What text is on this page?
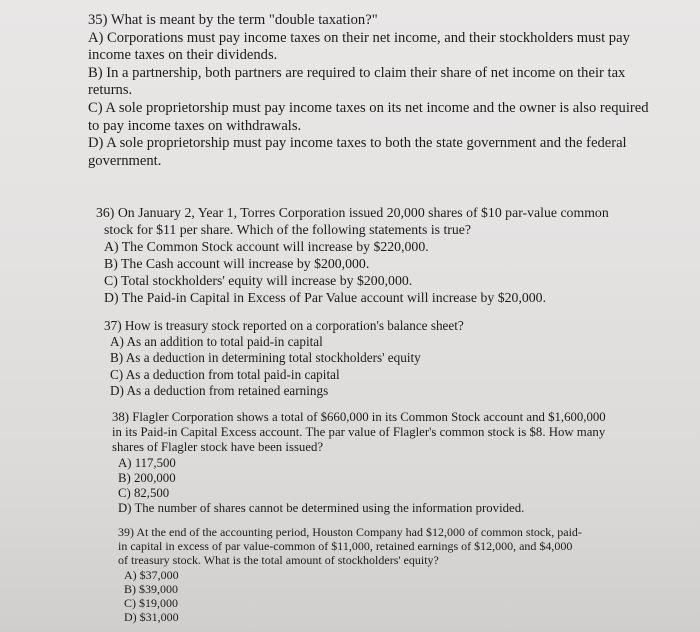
35) What is meant by the term "double taxation?"

A) Corporations must pay income taxes on their net income, and their stockholders must pay

income taxes on their dividends.

B) In a partnership, both partners are required to claim their share of net income on their tax

returns.

C) A sole proprietorship must pay income taxes on its net income and the owner is also required

to pay income taxes on withdrawals.

D) A sole proprietorship must pay income taxes to both the state government and the federal

government.

36) On January 2, Year 1, Torres Corporation issued 20,000 shares of $10 par-value common

stock for $11 per share. Which of the following statements is true?

A) The Common Stock account will increase by $220,000.

B) The Cash account will increase by $200,000.

C) Total stockholders' equity will increase by $200,000.

D) The Paid-in Capital in Excess of Par Value account will increase by $20,000.

37) How is treasury stock reported on a corporation's balance sheet?

A) As an addition to total paid-in capital

B) As a deduction in determining total stockholders' equity

C) As a deduction from total paid-in capital

D) As a deduction from retained earnings

38) Flagler Corporation shows a total of $660,000 in its Common Stock account and $1,600,000

in its Paid-in Capital Excess account. The par value of Flagler's common stock is $8. How many

shares of Flagler stock have been issued?

A) 117,500

B) 200,000

C) 82,500

D) The number of shares cannot be determined using the information provided.

39) At the end of the accounting period, Houston Company had $12,000 of common stock, paid-

in capital in excess of par value-common of $11,000, retained earnings of $12,000, and $4,000

of treasury stock. What is the total amount of stockholders' equity?

A) $37,000

B) $39,000

C) $19,000

D) $31,000
